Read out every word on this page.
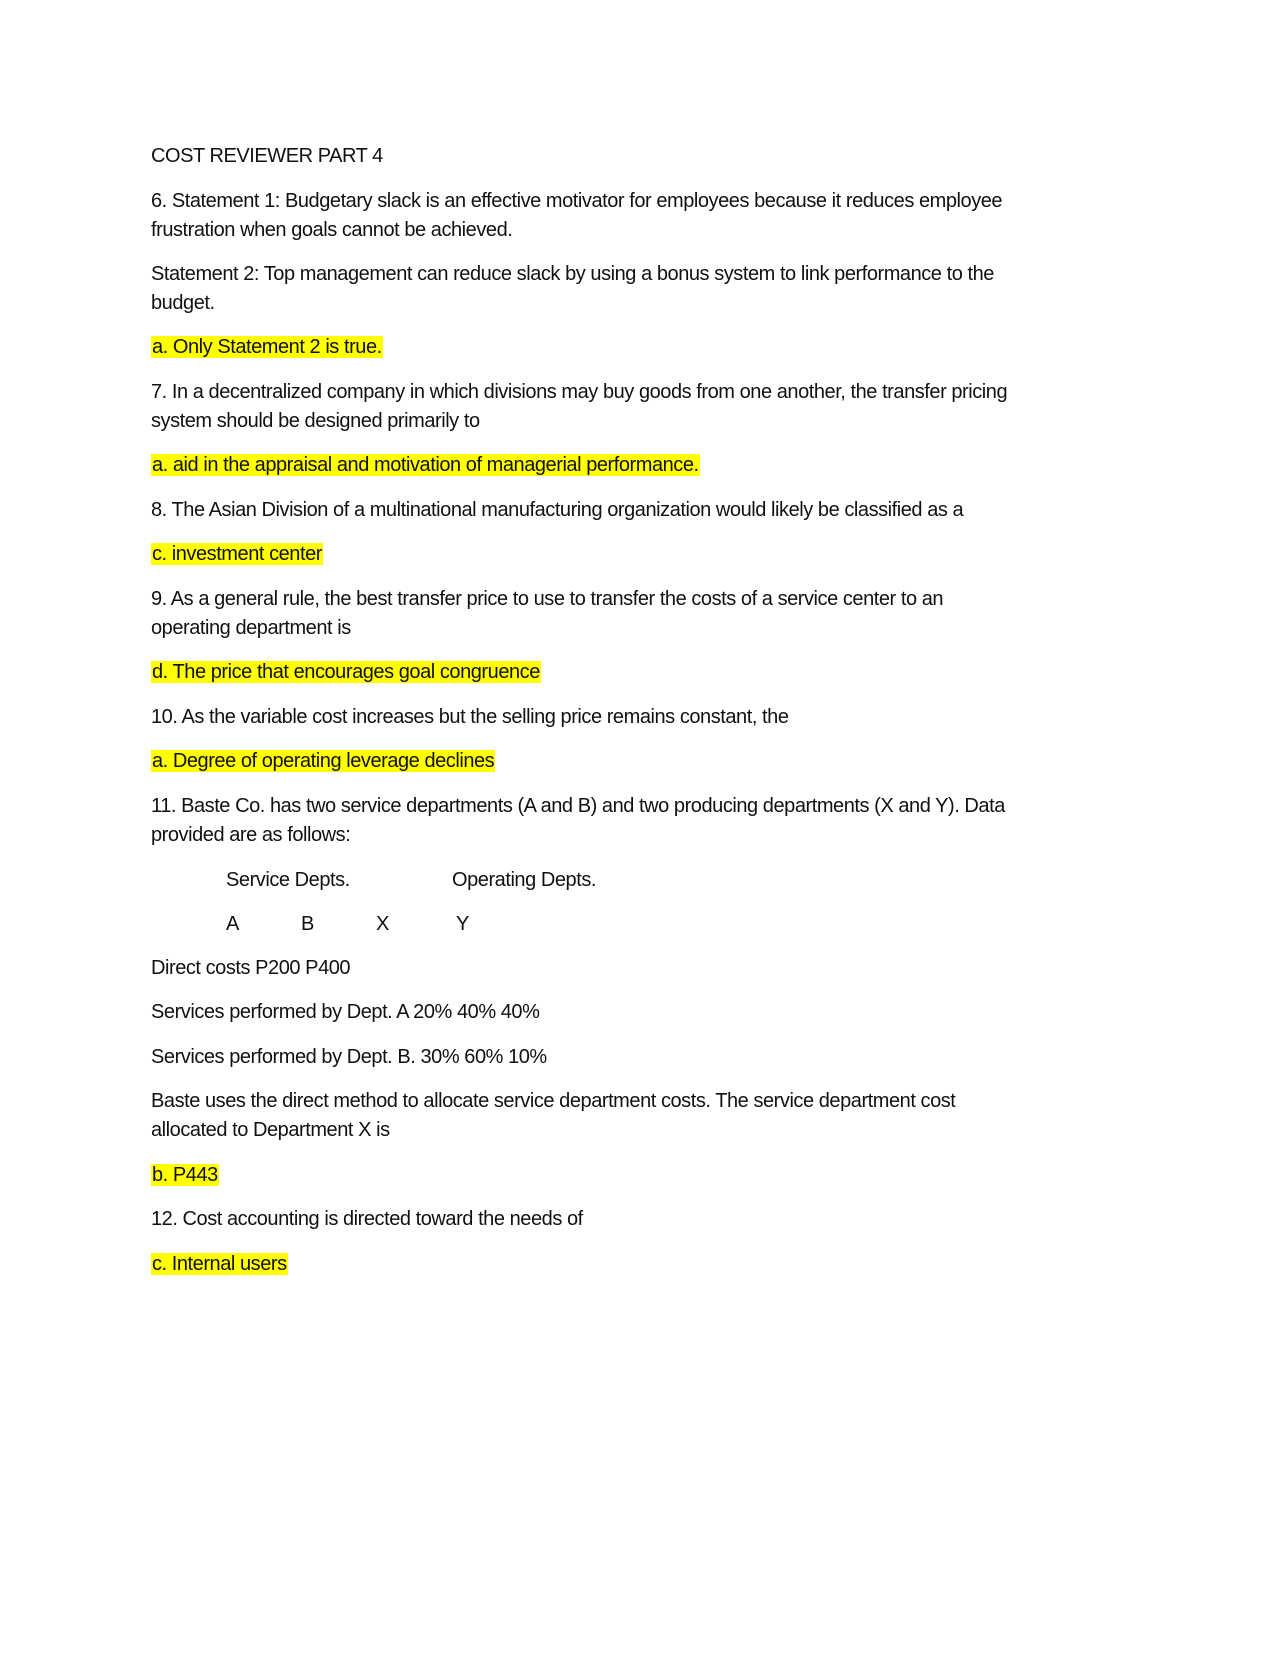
COST REVIEWER PART 4
6. Statement 1: Budgetary slack is an effective motivator for employees because it reduces employee
frustration when goals cannot be achieved.
Statement 2: Top management can reduce slack by using a bonus system to link performance to the
budget.
a. Only Statement 2 is true.
7. In a decentralized company in which divisions may buy goods from one another, the transfer pricing
system should be designed primarily to
a. aid in the appraisal and motivation of managerial performance.
8. The Asian Division of a multinational manufacturing organization would likely be classified as a
c. investment center
9. As a general rule, the best transfer price to use to transfer the costs of a service center to an
operating department is
d. The price that encourages goal congruence
10. As the variable cost increases but the selling price remains constant, the
a. Degree of operating leverage declines
11. Baste Co. has two service departments (A and B) and two producing departments (X and Y). Data
provided are as follows:
Service Depts.	Operating Depts.
A	B	X	Y
Direct costs P200 P400
Services performed by Dept. A 20% 40% 40%
Services performed by Dept. B. 30% 60% 10%
Baste uses the direct method to allocate service department costs. The service department cost
allocated to Department X is
b. P443
12. Cost accounting is directed toward the needs of
c. Internal users
